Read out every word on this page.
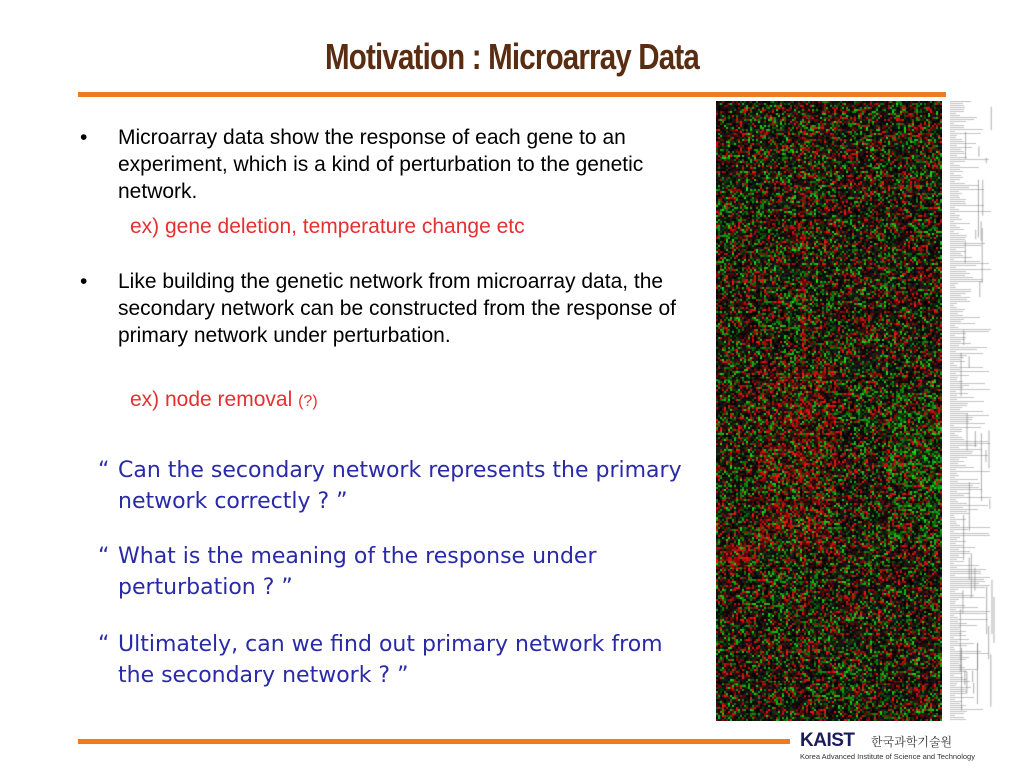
Motivation : Microarray Data
• Microarray data show the response of each gene to an experiment, which is a kind of perturbation to the genetic network.
ex) gene deletion, temperature change etc
• Like building the genetic network from microarray data, the secondary network can be constructed from the response of primary network under perturbation.
ex) node removal (?)
“ Can the secondary network represents the primary network correctly ? ”
“ What is the meaning of the response under perturbation ? ”
“ Ultimately, can we find out primary network from the secondary network ? ”
KAIST 한국과학기술원
Korea Advanced Institute of Science and Technology
